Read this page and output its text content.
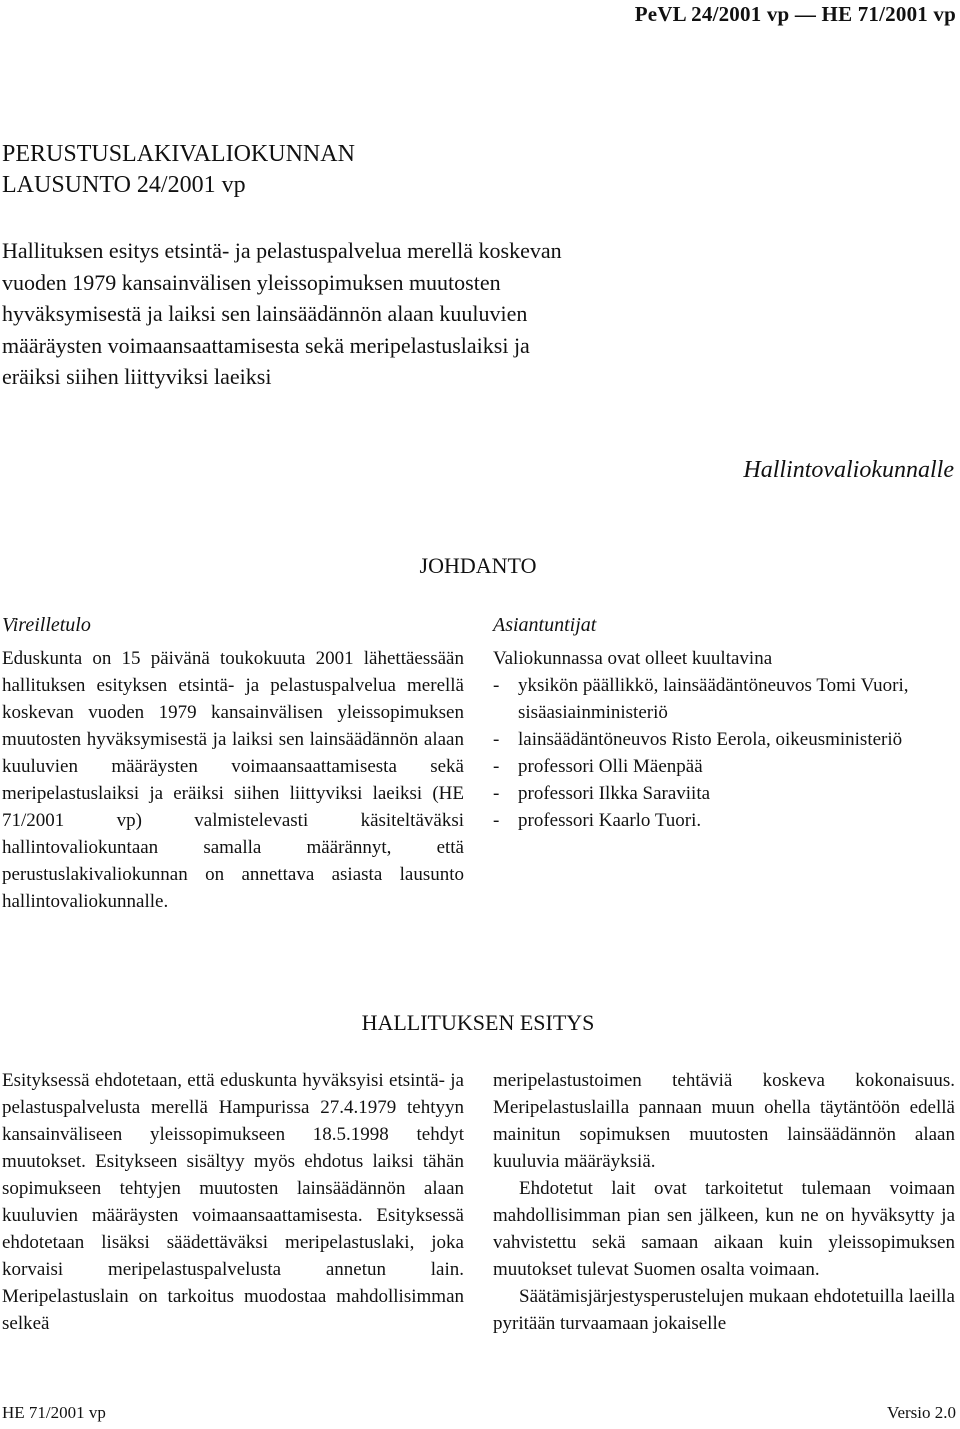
PeVL 24/2001 vp — HE 71/2001 vp
PERUSTUSLAKIVALIOKUNNAN
LAUSUNTO 24/2001 vp

Hallituksen esitys etsintä- ja pelastuspalvelua merellä koskevan vuoden 1979 kansainvälisen yleissopimuksen muutosten hyväksymisestä ja laiksi sen lainsäädännön alaan kuuluvien määräysten voimaansaattamisesta sekä meripelastuslaiksi ja eräiksi siihen liittyviksi laeiksi

Hallintovaliokunnalle
JOHDANTO
Vireilletulo

Eduskunta on 15 päivänä toukokuuta 2001 lähettäessään hallituksen esityksen etsintä- ja pelastuspalvelua merellä koskevan vuoden 1979 kansainvälisen yleissopimuksen muutosten hyväksymisestä ja laiksi sen lainsäädännön alaan kuuluvien määräysten voimaansaattamisesta sekä meripelastuslaiksi ja eräiksi siihen liittyviksi laeiksi (HE 71/2001 vp) valmistelevasti käsiteltäväksi hallintovaliokuntaan samalla määrännyt, että perustuslakivaliokunnan on annettava asiasta lausunto hallintovaliokunnalle.

Asiantuntijat

Valiokunnassa ovat olleet kuultavina

- yksikön päällikkö, lainsäädäntöneuvos Tomi Vuori, sisäasiainministeriö
- lainsäädäntöneuvos Risto Eerola, oikeusministeriö
- professori Olli Mäenpää
- professori Ilkka Saraviita
- professori Kaarlo Tuori.
HALLITUKSEN ESITYS

Esityksessä ehdotetaan, että eduskunta hyväksyisi etsintä- ja pelastuspalvelusta merellä Hampurissa 27.4.1979 tehtyyn kansainväliseen yleissopimukseen 18.5.1998 tehdyt muutokset. Esitykseen sisältyy myös ehdotus laiksi tähän sopimukseen tehtyjen muutosten lainsäädännön alaan kuuluvien määräysten voimaansaattamisesta. Esityksessä ehdotetaan lisäksi säädettäväksi meripelastuslaki, joka korvaisi meripelastuspalvelusta annetun lain. Meripelastuslain on tarkoitus muodostaa mahdollisimman selkeä

meripelastustoimen tehtäviä koskeva kokonaisuus. Meripelastuslailla pannaan muun ohella täytäntöön edellä mainitun sopimuksen muutosten lainsäädännön alaan kuuluvia määräyksiä.

Ehdotetut lait ovat tarkoitetut tulemaan voimaan mahdollisimman pian sen jälkeen, kun ne on hyväksytty ja vahvistettu sekä samaan aikaan kuin yleissopimuksen muutokset tulevat Suomen osalta voimaan.

Säätämisjärjestysperustelujen mukaan ehdotetuilla laeilla pyritään turvaamaan jokaiselle

HE 71/2001 vp	Versio 2.0
